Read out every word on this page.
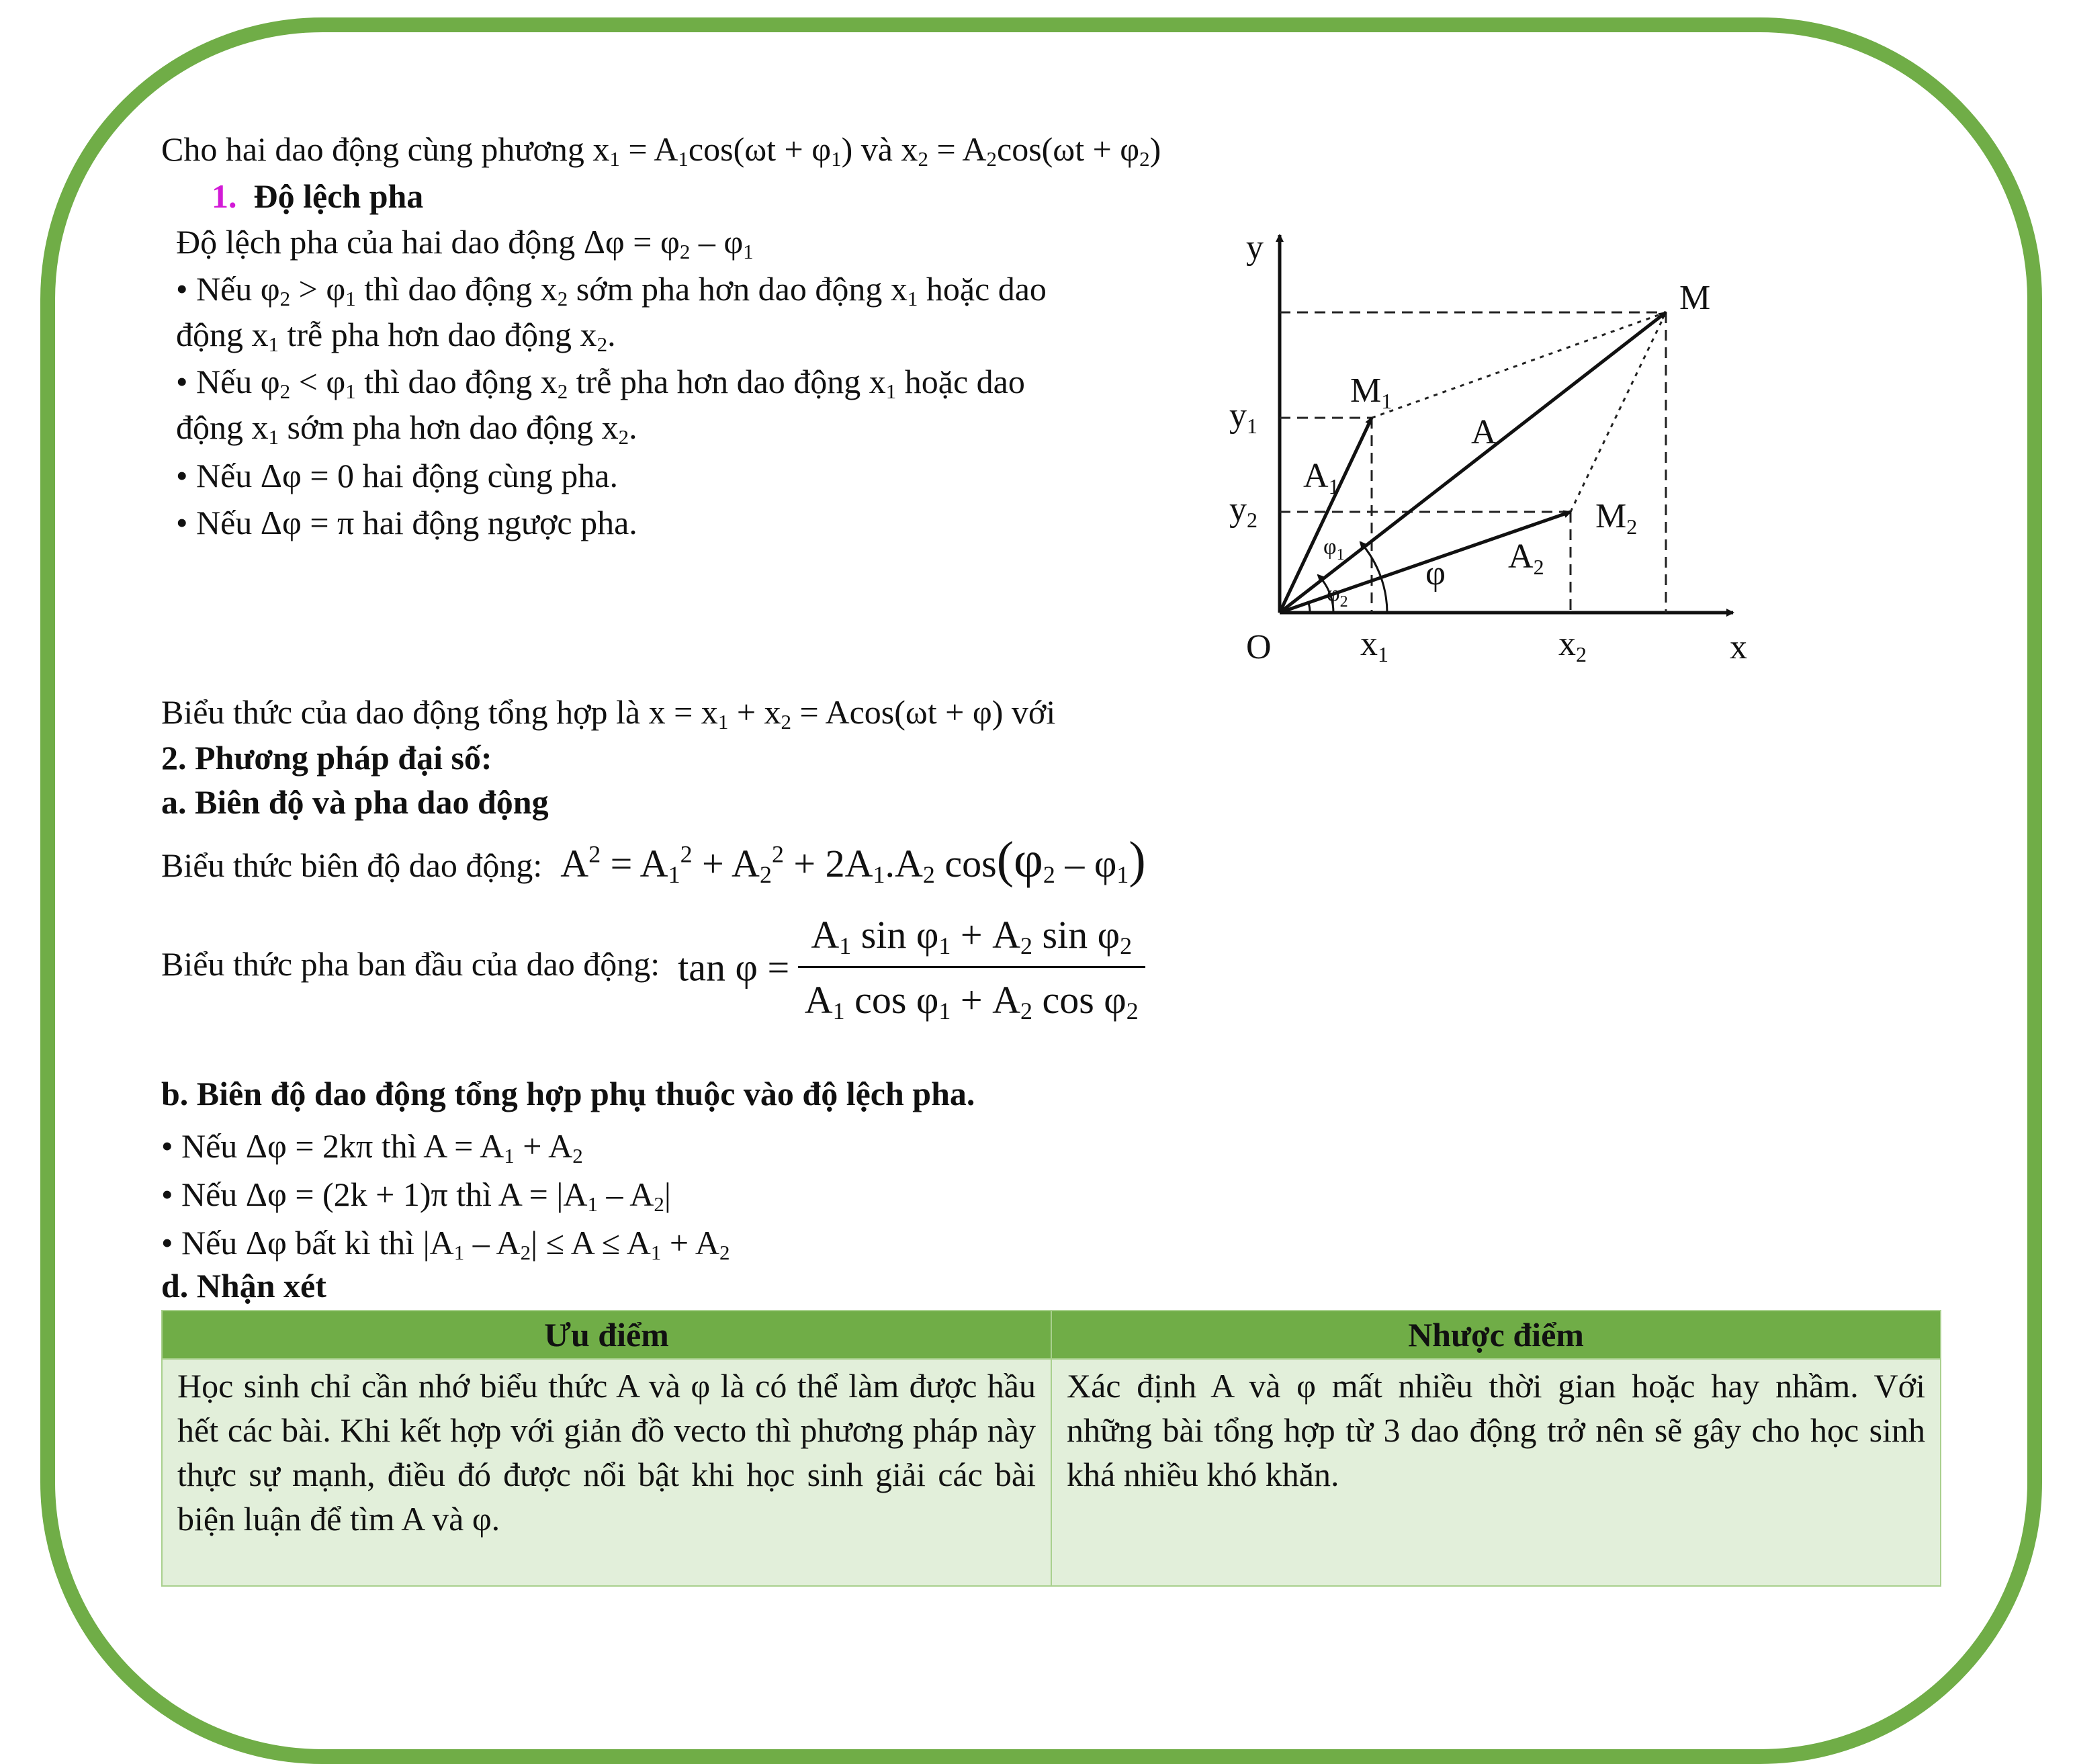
Cho hai dao động cùng phương $x_1 = A_1\cos(\omega t + \varphi_1)$ và $x_2 = A_2\cos(\omega t + \varphi_2)$
1. Độ lệch pha
Độ lệch pha của hai dao động $\Delta\varphi = \varphi_2 - \varphi_1$
• Nếu $\varphi_2 > \varphi_1$ thì dao động $x_2$ sớm pha hơn dao động $x_1$ hoặc dao
động $x_1$ trễ pha hơn dao động $x_2$.
• Nếu $\varphi_2 < \varphi_1$ thì dao động $x_2$ trễ pha hơn dao động $x_1$ hoặc dao
động $x_1$ sớm pha hơn dao động $x_2$.
• Nếu Δφ = 0 hai động cùng pha.
• Nếu Δφ = π hai động ngược pha.
y
x
O
M
M1
M2
A
A1
A2
y1
y2
x1	x2
φ
$\varphi_1$
$\varphi_2$
Biểu thức của dao động tổng hợp là $x = x_1 + x_2 = Acos(\omega t + \varphi)$ với
2. Phương pháp đại số:
a. Biên độ và pha dao động
Biểu thức biên độ dao động: $A^2 = A_1^2 + A_2^2 + 2A_1.A_2$ $\cos(\varphi_2 - \varphi_1)$
Biểu thức pha ban đầu của dao động: $\tan \varphi = \frac{A_1 \sin \varphi_1 + A_2 \sin \varphi_2}{A_1 \cos \varphi_1 + A_2 \cos \varphi_2}$
b. Biên độ dao động tổng hợp phụ thuộc vào độ lệch pha.
• Nếu Δφ = 2kπ thì $A = A_1 + A_2$
• Nếu Δφ = (2k + 1)π thì $A = |A_1 - A_2|$
• Nếu Δφ bất kì thì $|A_1 - A_2| \le A \le A_1 + A_2$
d. Nhận xét
Ưu điểm	Nhược điểm
Học sinh chỉ cần nhớ biểu thức A và φ là có thể làm được hầu hết các bài. Khi kết hợp với giản đồ vecto thì phương pháp này thực sự mạnh, điều đó được nổi bật khi học sinh giải các bài biện luận để tìm A và φ.	Xác định A và φ mất nhiều thời gian hoặc hay nhầm. Với những bài tổng hợp từ 3 dao động trở nên sẽ gây cho học sinh khá nhiều khó khăn.
